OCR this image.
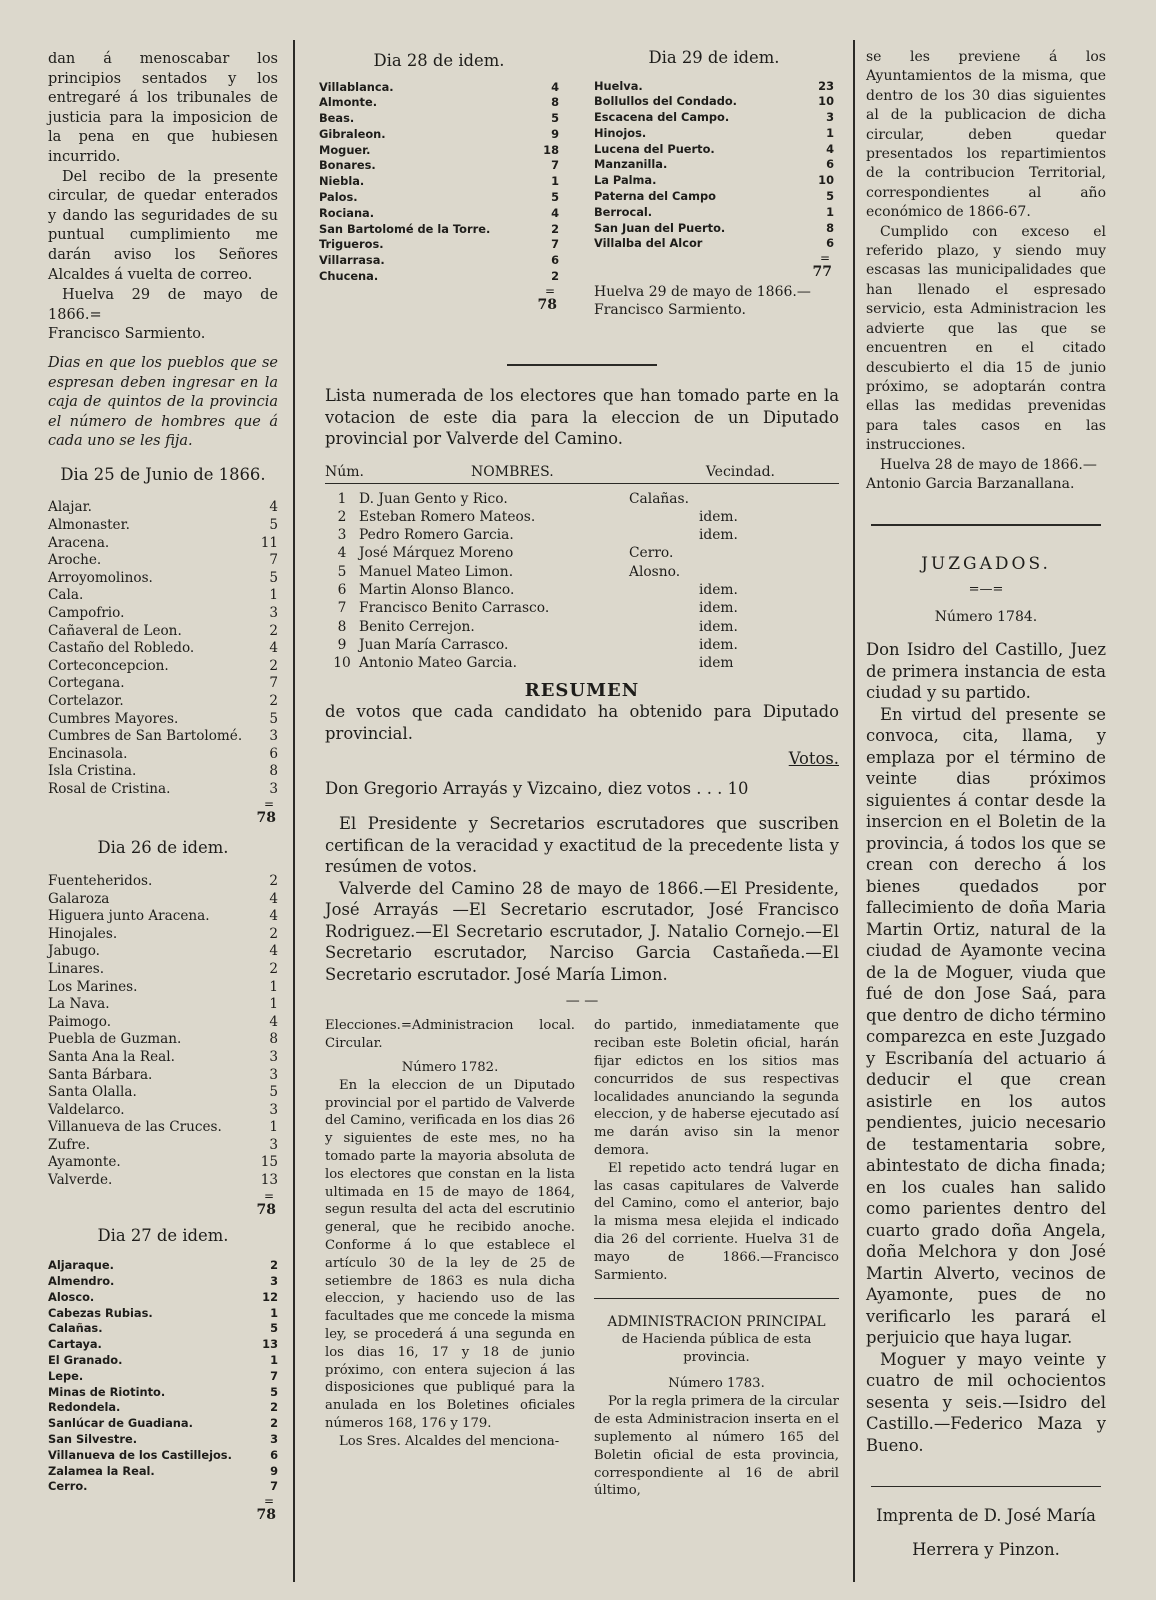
dan á menoscabar los principios sentados y los entregaré á los tribunales de justicia para la imposicion de la pena en que hubiesen incurrido.

Del recibo de la presente circular, de quedar enterados y dando las seguridades de su puntual cumplimiento me darán aviso los Señores Alcaldes á vuelta de correo.

Huelva 29 de mayo de 1866.=

Francisco Sarmiento.

Dias en que los pueblos que se espresan deben ingresar en la caja de quintos de la provincia el número de hombres que á cada uno se les fija.

Dia 25 de Junio de 1866.

Alajar.	4
Almonaster.	5
Aracena.	11
Aroche.	7
Arroyomolinos.	5
Cala.	1
Campofrio.	3
Cañaveral de Leon.	2
Castaño del Robledo.	4
Corteconcepcion.	2
Cortegana.	7
Cortelazor.	2
Cumbres Mayores.	5
Cumbres de San Bartolomé. 3
Encinasola.	6
Isla Cristina.	8
Rosal de Cristina.	3
=
78

Dia 26 de idem.

Fuenteheridos.	2
Galaroza	4
Higuera junto Aracena.	4
Hinojales.	2
Jabugo.	4
Linares.	2
Los Marines.	1
La Nava.	1
Paimogo.	4
Puebla de Guzman.	8
Santa Ana la Real.	3
Santa Bárbara.	3
Santa Olalla.	5
Valdelarco.	3
Villanueva de las Cruces.	1
Zufre.	3
Ayamonte.	15
Valverde.	13
=
78

Dia 27 de idem.

Aljaraque.	2
Almendro.	3
Alosco.	12
Cabezas Rubias.	1
Calañas.	5
Cartaya.	13
El Granado.	1
Lepe.	7
Minas de Riotinto.	5
Redondela.	2
Sanlúcar de Guadiana.	2
San Silvestre.	3
Villanueva de los Castillejos.	6
Zalamea la Real.	9
Cerro.	7
=
78

Dia 28 de idem.

Villablanca.	4
Almonte.	8
Beas.	5
Gibraleon.	9
Moguer.	18
Bonares.	7
Niebla.	1
Palos.	5
Rociana.	4
San Bartolomé de la Torre.	2
Trigueros.	7
Villarrasa.	6
Chucena.	2
=
78

Dia 29 de idem.

Huelva.	23
Bollullos del Condado.	10
Escacena del Campo.	3
Hinojos.	1
Lucena del Puerto.	4
Manzanilla.	6
La Palma.	10
Paterna del Campo	5
Berrocal.	1
San Juan del Puerto.	8
Villalba del Alcor	6
=
77

Huelva 29 de mayo de 1866.—

Francisco Sarmiento.

Lista numerada de los electores que han tomado parte en la votacion de este dia para la eleccion de un Diputado provincial por Valverde del Camino.

Núm.	NOMBRES.	Vecindad.
1	D. Juan Gento y Rico.	Calañas.	
2	Esteban Romero Mateos.		idem.
3	Pedro Romero Garcia.		idem.
4	José Márquez Moreno	Cerro.	
5	Manuel Mateo Limon.	Alosno.	
6	Martin Alonso Blanco.		idem.
7	Francisco Benito Carrasco.		idem.
8	Benito Cerrejon.		idem.
9	Juan María Carrasco.		idem.
10	Antonio Mateo Garcia.		idem

RESUMEN

de votos que cada candidato ha obtenido para Diputado provincial.

Votos.

Don Gregorio Arrayás y Vizcaino, diez votos . . . 10

El Presidente y Secretarios escrutadores que suscriben certifican de la veracidad y exactitud de la precedente lista y resúmen de votos.

Valverde del Camino 28 de mayo de 1866.—El Presidente, José Arrayás —El Secretario escrutador, José Francisco Rodriguez.—El Secretario escrutador, J. Natalio Cornejo.—El Secretario escrutador, Narciso Garcia Castañeda.—El Secretario escrutador. José María Limon.

— —

Elecciones.=Administracion local. Circular.

Número 1782.

En la eleccion de un Diputado provincial por el partido de Valverde del Camino, verificada en los dias 26 y siguientes de este mes, no ha tomado parte la mayoria absoluta de los electores que constan en la lista ultimada en 15 de mayo de 1864, segun resulta del acta del escrutinio general, que he recibido anoche. Conforme á lo que establece el artículo 30 de la ley de 25 de setiembre de 1863 es nula dicha eleccion, y haciendo uso de las facultades que me concede la misma ley, se procederá á una segunda en los dias 16, 17 y 18 de junio próximo, con entera sujecion á las disposiciones que publiqué para la anulada en los Boletines oficiales números 168, 176 y 179.

Los Sres. Alcaldes del menciona-

do partido, inmediatamente que reciban este Boletin oficial, harán fijar edictos en los sitios mas concurridos de sus respectivas localidades anunciando la segunda eleccion, y de haberse ejecutado así me darán aviso sin la menor demora.

El repetido acto tendrá lugar en las casas capitulares de Valverde del Camino, como el anterior, bajo la misma mesa elejida el indicado dia 26 del corriente. Huelva 31 de mayo de 1866.—Francisco Sarmiento.

ADMINISTRACION PRINCIPAL

de Hacienda pública de esta provincia.

Número 1783.

Por la regla primera de la circular de esta Administracion inserta en el suplemento al número 165 del Boletin oficial de esta provincia, correspondiente al 16 de abril último,

se les previene á los Ayuntamientos de la misma, que dentro de los 30 dias siguientes al de la publicacion de dicha circular, deben quedar presentados los repartimientos de la contribucion Territorial, correspondientes al año económico de 1866-67.

Cumplido con exceso el referido plazo, y siendo muy escasas las municipalidades que han llenado el espresado servicio, esta Administracion les advierte que las que se encuentren en el citado descubierto el dia 15 de junio próximo, se adoptarán contra ellas las medidas prevenidas para tales casos en las instrucciones.

Huelva 28 de mayo de 1866.—

Antonio Garcia Barzanallana.

JUZGADOS.

=—=

Número 1784.

Don Isidro del Castillo, Juez de primera instancia de esta ciudad y su partido.

En virtud del presente se convoca, cita, llama, y emplaza por el término de veinte dias próximos siguientes á contar desde la insercion en el Boletin de la provincia, á todos los que se crean con derecho á los bienes quedados por fallecimiento de doña Maria Martin Ortiz, natural de la ciudad de Ayamonte vecina de la de Moguer, viuda que fué de don Jose Saá, para que dentro de dicho término comparezca en este Juzgado y Escribanía del actuario á deducir el que crean asistirle en los autos pendientes, juicio necesario de testamentaria sobre, abintestato de dicha finada; en los cuales han salido como parientes dentro del cuarto grado doña Angela, doña Melchora y don José Martin Alverto, vecinos de Ayamonte, pues de no verificarlo les parará el perjuicio que haya lugar.

Moguer y mayo veinte y cuatro de mil ochocientos sesenta y seis.—Isidro del Castillo.—Federico Maza y Bueno.

Imprenta de D. José María

Herrera y Pinzon.
